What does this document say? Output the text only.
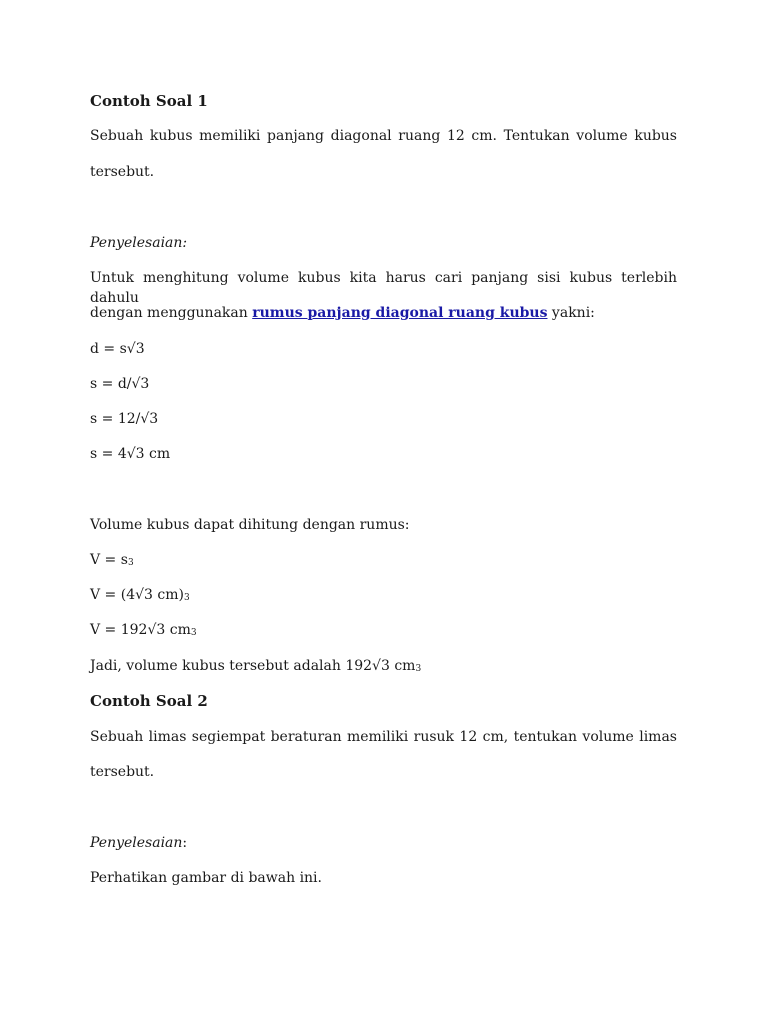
Contoh Soal 1
Sebuah kubus memiliki panjang diagonal ruang 12 cm. Tentukan volume kubus
tersebut.
Penyelesaian:
Untuk menghitung volume kubus kita harus cari panjang sisi kubus terlebih dahulu
dengan menggunakan rumus panjang diagonal ruang kubus yakni:
d = s√3
s = d/√3
s = 12/√3
s = 4√3 cm
Volume kubus dapat dihitung dengan rumus:
$V = s_3$
V = (4√3 $cm)_3$
V = 192√3 $cm_3$
Jadi, volume kubus tersebut adalah 192√3 $cm_3$
Contoh Soal 2
Sebuah limas segiempat beraturan memiliki rusuk 12 cm, tentukan volume limas
tersebut.
Penyelesaian:
Perhatikan gambar di bawah ini.
